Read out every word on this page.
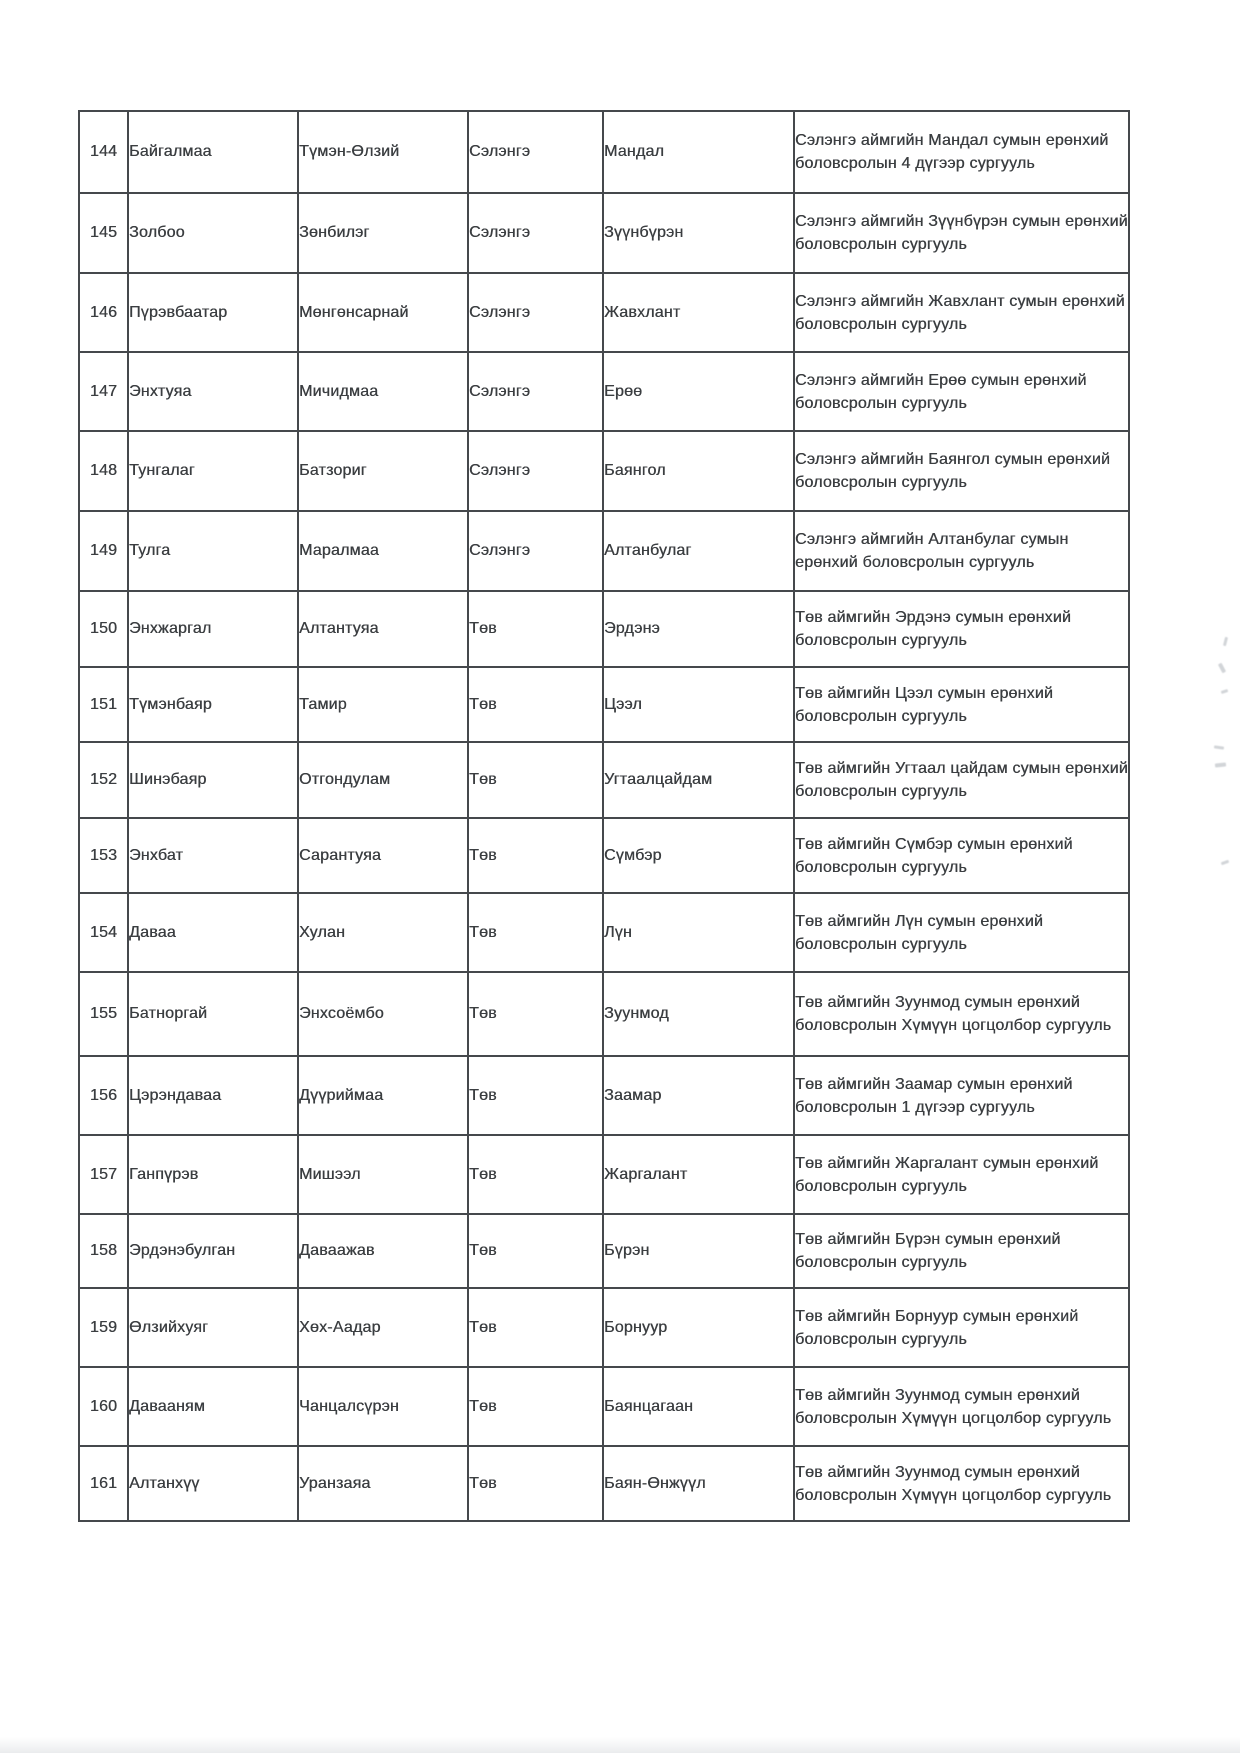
144	Байгалмаа	Түмэн-Өлзий	Сэлэнгэ	Мандал	Сэлэнгэ аймгийн Мандал сумын ерөнхий боловсролын 4 дүгээр сургууль
145	Золбоо	Зөнбилэг	Сэлэнгэ	Зүүнбүрэн	Сэлэнгэ аймгийн Зүүнбүрэн сумын ерөнхий боловсролын сургууль
146	Пүрэвбаатар	Мөнгөнсарнай	Сэлэнгэ	Жавхлант	Сэлэнгэ аймгийн Жавхлант сумын ерөнхий боловсролын сургууль
147	Энхтуяа	Мичидмаа	Сэлэнгэ	Ерөө	Сэлэнгэ аймгийн Ерөө сумын ерөнхий боловсролын сургууль
148	Тунгалаг	Батзориг	Сэлэнгэ	Баянгол	Сэлэнгэ аймгийн Баянгол сумын ерөнхий боловсролын сургууль
149	Тулга	Маралмаа	Сэлэнгэ	Алтанбулаг	Сэлэнгэ аймгийн Алтанбулаг сумын ерөнхий боловсролын сургууль
150	Энхжаргал	Алтантуяа	Төв	Эрдэнэ	Төв аймгийн Эрдэнэ сумын ерөнхий боловсролын сургууль
151	Түмэнбаяр	Тамир	Төв	Цээл	Төв аймгийн Цээл сумын ерөнхий боловсролын сургууль
152	Шинэбаяр	Отгондулам	Төв	Угтаалцайдам	Төв аймгийн Угтаал цайдам сумын ерөнхий боловсролын сургууль
153	Энхбат	Сарантуяа	Төв	Сүмбэр	Төв аймгийн Сүмбэр сумын ерөнхий боловсролын сургууль
154	Даваа	Хулан	Төв	Лүн	Төв аймгийн Лүн сумын ерөнхий боловсролын сургууль
155	Батноргай	Энхсоёмбо	Төв	Зуунмод	Төв аймгийн Зуунмод сумын ерөнхий боловсролын Хүмүүн цогцолбор сургууль
156	Цэрэндаваа	Дүүриймаа	Төв	Заамар	Төв аймгийн Заамар сумын ерөнхий боловсролын 1 дүгээр сургууль
157	Ганпүрэв	Мишээл	Төв	Жаргалант	Төв аймгийн Жаргалант сумын ерөнхий боловсролын сургууль
158	Эрдэнэбулган	Даваажав	Төв	Бүрэн	Төв аймгийн Бүрэн сумын ерөнхий боловсролын сургууль
159	Өлзийхуяг	Хөх-Аадар	Төв	Борнуур	Төв аймгийн Борнуур сумын ерөнхий боловсролын сургууль
160	Давааням	Чанцалсүрэн	Төв	Баянцагаан	Төв аймгийн Зуунмод сумын ерөнхий боловсролын Хүмүүн цогцолбор сургууль
161	Алтанхүү	Уранзаяа	Төв	Баян-Өнжүүл	Төв аймгийн Зуунмод сумын ерөнхий боловсролын Хүмүүн цогцолбор сургууль
